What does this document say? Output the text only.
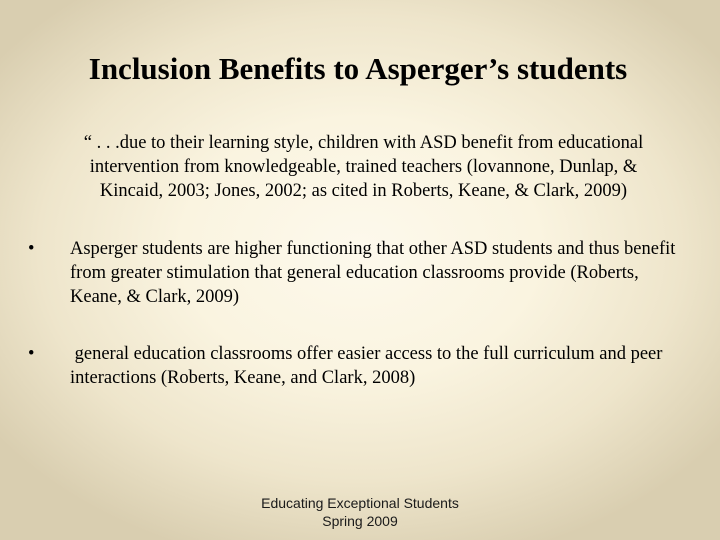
Inclusion Benefits to Asperger’s students

“ . . .due to their learning style, children with ASD benefit from educational intervention from knowledgeable, trained teachers (lovannone, Dunlap, & Kincaid, 2003; Jones, 2002; as cited in Roberts, Keane, & Clark, 2009)

•	Asperger students are higher functioning that other ASD students and thus benefit from greater stimulation that general education classrooms provide (Roberts, Keane, & Clark, 2009)
•	general education classrooms offer easier access to the full curriculum and peer interactions (Roberts, Keane, and Clark, 2008)
Educating Exceptional Students
Spring 2009
